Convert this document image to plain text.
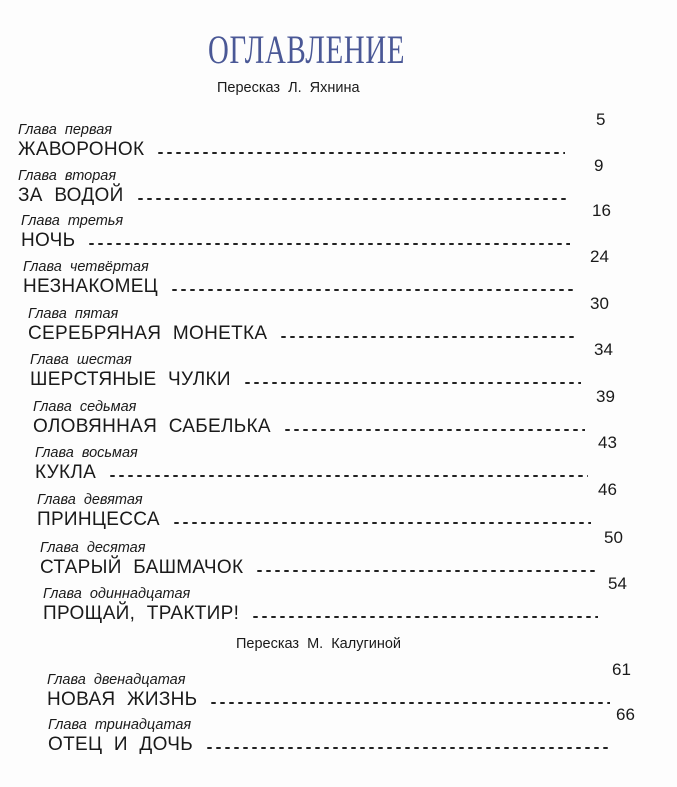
ОГЛАВЛЕНИЕ
Пересказ Л. Яхнина
Пересказ М. Калугиной
Глава первая
ЖАВОРОНОК
5
Глава вторая
ЗА ВОДОЙ
9
Глава третья
НОЧЬ
16
Глава четвёртая
НЕЗНАКОМЕЦ
24
Глава пятая
СЕРЕБРЯНАЯ МОНЕТКА
30
Глава шестая
ШЕРСТЯНЫЕ ЧУЛКИ
34
Глава седьмая
ОЛОВЯННАЯ САБЕЛЬКА
39
Глава восьмая
КУКЛА
43
Глава девятая
ПРИНЦЕССА
46
Глава десятая
СТАРЫЙ БАШМАЧОК
50
Глава одиннадцатая
ПРОЩАЙ, ТРАКТИР!
54
Глава двенадцатая
НОВАЯ ЖИЗНЬ
61
Глава тринадцатая
ОТЕЦ И ДОЧЬ
66
